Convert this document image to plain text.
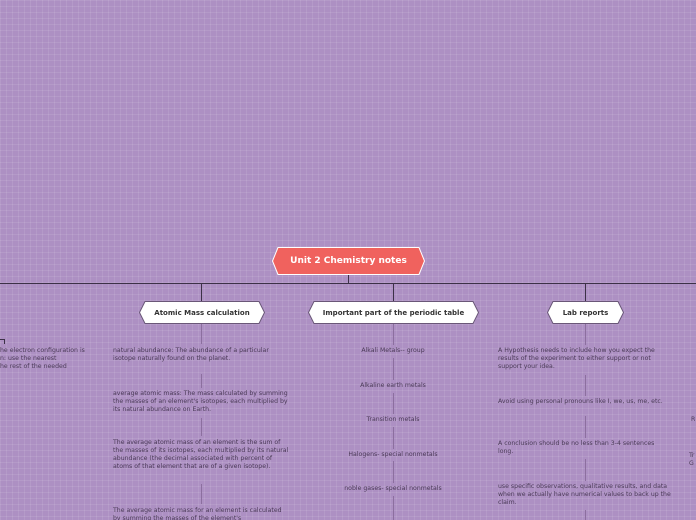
Unit 2 Chemistry notes
Atomic Mass calculation	Important part of the periodic table	Lab reports
natural abundance: The abundance of a particular isotope naturally found on the planet.
average atomic mass: The mass calculated by summing the masses of an element's isotopes, each multiplied by its natural abundance on Earth.
The average atomic mass of an element is the sum of the masses of its isotopes, each multiplied by its natural abundance (the decimal associated with percent of atoms of that element that are of a given isotope).
The average atomic mass for an element is calculated by summing the masses of the element's
Alkali Metals-- group
Alkaline earth metals
Transition metals
Halogens- special nonmetals
noble gases- special nonmetals
A Hypothesis needs to include how you expect the results of the experiment to either support or not support your idea.
Avoid using personal pronouns like I, we, us, me, etc.
A conclusion should be no less than 3-4 sentences long.
use specific observations, qualitative results, and data when we actually have numerical values to back up the claim.
he electron configuration is
n: use the nearest
he rest of the needed
R
Tr
G
